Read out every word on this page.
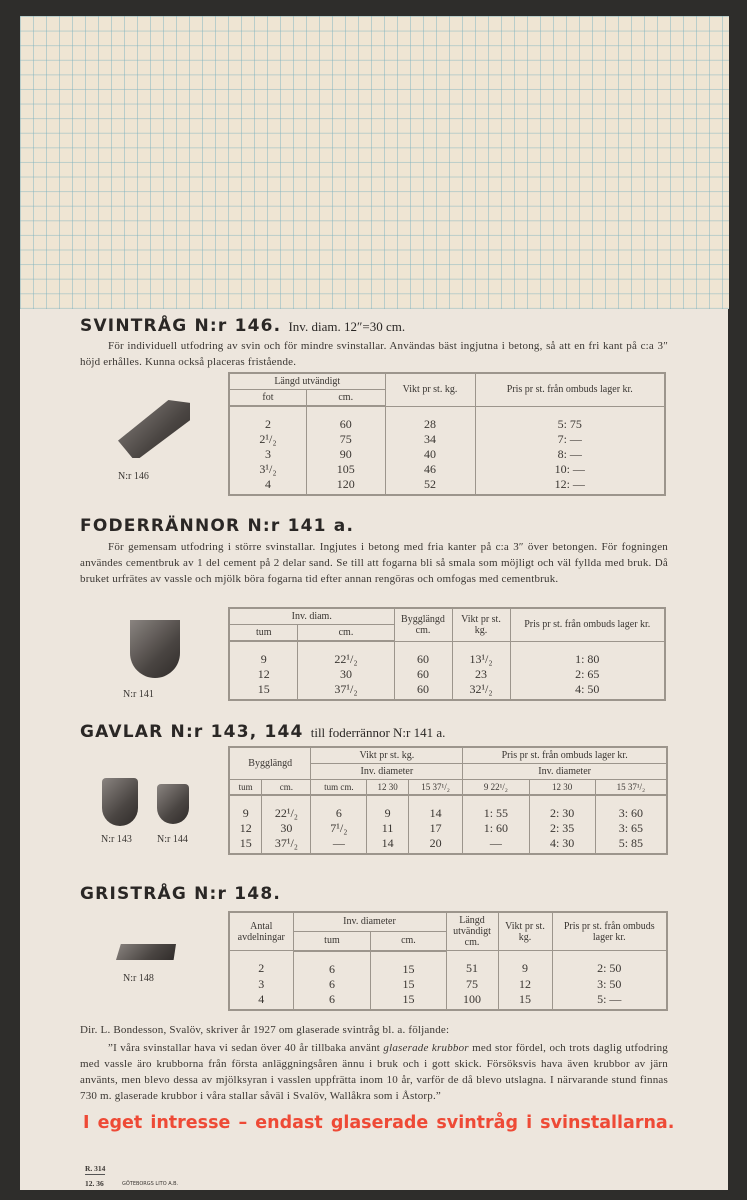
SVINTRÅG N:r 146. Inv. diam. 12″=30 cm.
För individuell utfodring av svin och för mindre svinstallar. Användas bäst ingjutna i betong, så att en fri kant på c:a 3″ höjd erhålles. Kunna också placeras fristående.
N:r 146
Längd utvändigt		Vikt pr st. kg.	Pris pr st. från ombuds lager kr.
fot	cm.		
2	60	28	5: 75
2¹/₂	75	34	7: —
3	90	40	8: —
3¹/₂	105	46	10: —
4	120	52	12: —
FODERRÄNNOR N:r 141 a.
För gemensam utfodring i större svinstallar. Ingjutes i betong med fria kanter på c:a 3″ över betongen. För fogningen användes cementbruk av 1 del cement på 2 delar sand. Se till att fogarna bli så smala som möjligt och väl fyllda med bruk. Då bruket urfrätes av vassle och mjölk böra fogarna tid efter annan rengöras och omfogas med cementbruk.
N:r 141
Inv. diam.		Bygglängd cm.	Vikt pr st. kg.	Pris pr st. från ombuds lager kr.
tum	cm.			
9	22¹/₂	60	13¹/₂	1: 80
12	30	60	23	2: 65
15	37¹/₂	60	32¹/₂	4: 50
GAVLAR N:r 143, 144 till foderrännor N:r 141 a.
N:r 143	N:r 144
Bygglängd		Vikt pr st. kg.			Pris pr st. från ombuds lager kr.		
		Inv. diameter			Inv. diameter		
tum	cm.	tum cm.	12 30	15 37¹/₂	9 22¹/₂	12 30	15 37¹/₂
9	22¹/₂	6	9	14	1: 55	2: 30	3: 60
12	30	7¹/₂	11	17	1: 60	2: 35	3: 65
15	37¹/₂	—	14	20	—	4: 30	5: 85
GRISTRÅG N:r 148.
N:r 148
Antal avdelningar	Inv. diameter		Längd utvändigt cm.	Vikt pr st. kg.	Pris pr st. från ombuds lager kr.
	tum	cm.			
2	6	15	51	9	2: 50
3	6	15	75	12	3: 50
4	6	15	100	15	5: —
Dir. L. Bondesson, Svalöv, skriver år 1927 om glaserade svintråg bl. a. följande:
”I våra svinstallar hava vi sedan över 40 år tillbaka använt glaserade krubbor med stor fördel, och trots daglig utfodring med vassle äro krubborna från första anläggningsåren ännu i bruk och i gott skick. Försöksvis hava även krubbor av järn använts, men blevo dessa av mjölksyran i vasslen uppfrätta inom 10 år, varför de då blevo utslagna. I närvarande stund finnas 730 m. glaserade krubbor i våra stallar såväl i Svalöv, Wallåkra som i Åstorp.”
I eget intresse – endast glaserade svintråg i svinstallarna.
R. 314
12. 36	GÖTEBORGS LITO A.B.
